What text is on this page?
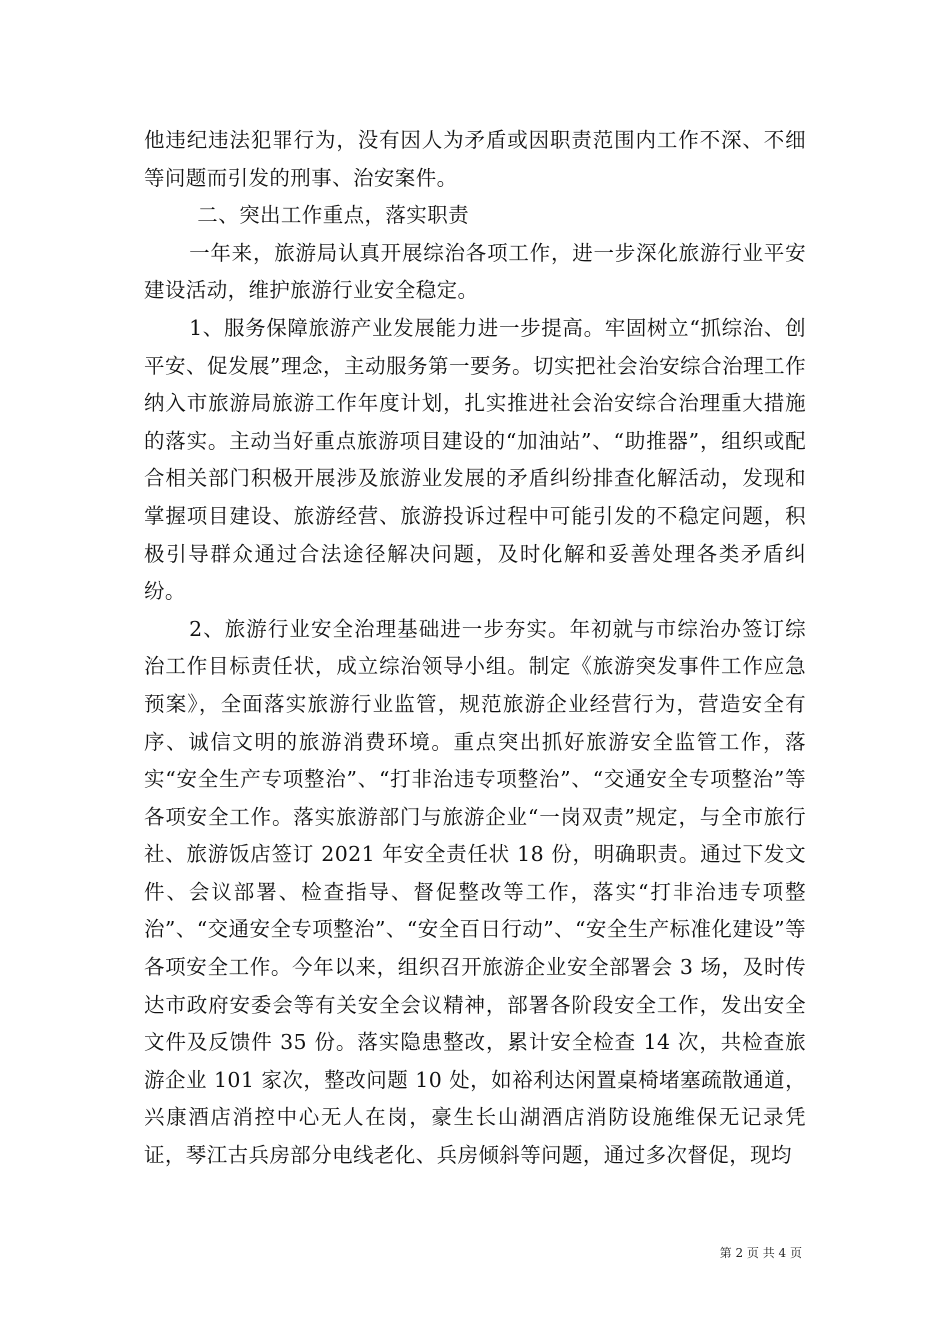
他违纪违法犯罪行为，没有因人为矛盾或因职责范围内工作不深、不细等问题而引发的刑事、治安案件。

二、突出工作重点，落实职责

一年来，旅游局认真开展综治各项工作，进一步深化旅游行业平安建设活动，维护旅游行业安全稳定。

1、服务保障旅游产业发展能力进一步提高。牢固树立“抓综治、创平安、促发展”理念，主动服务第一要务。切实把社会治安综合治理工作纳入市旅游局旅游工作年度计划，扎实推进社会治安综合治理重大措施的落实。主动当好重点旅游项目建设的“加油站”、“助推器”，组织或配合相关部门积极开展涉及旅游业发展的矛盾纠纷排查化解活动，发现和掌握项目建设、旅游经营、旅游投诉过程中可能引发的不稳定问题，积极引导群众通过合法途径解决问题，及时化解和妥善处理各类矛盾纠纷。

2、旅游行业安全治理基础进一步夯实。年初就与市综治办签订综治工作目标责任状，成立综治领导小组。制定《旅游突发事件工作应急预案》，全面落实旅游行业监管，规范旅游企业经营行为，营造安全有序、诚信文明的旅游消费环境。重点突出抓好旅游安全监管工作，落实“安全生产专项整治”、“打非治违专项整治”、“交通安全专项整治”等各项安全工作。落实旅游部门与旅游企业“一岗双责”规定，与全市旅行社、旅游饭店签订 2021 年安全责任状 18 份，明确职责。通过下发文件、会议部署、检查指导、督促整改等工作，落实“打非治违专项整治”、“交通安全专项整治”、“安全百日行动”、“安全生产标准化建设”等各项安全工作。今年以来，组织召开旅游企业安全部署会 3 场，及时传达市政府安委会等有关安全会议精神，部署各阶段安全工作，发出安全文件及反馈件 35 份。落实隐患整改，累计安全检查 14 次，共检查旅游企业 101 家次，整改问题 10 处，如裕利达闲置桌椅堵塞疏散通道，兴康酒店消控中心无人在岗，豪生长山湖酒店消防设施维保无记录凭证，琴江古兵房部分电线老化、兵房倾斜等问题，通过多次督促，现均

第 2 页 共 4 页
